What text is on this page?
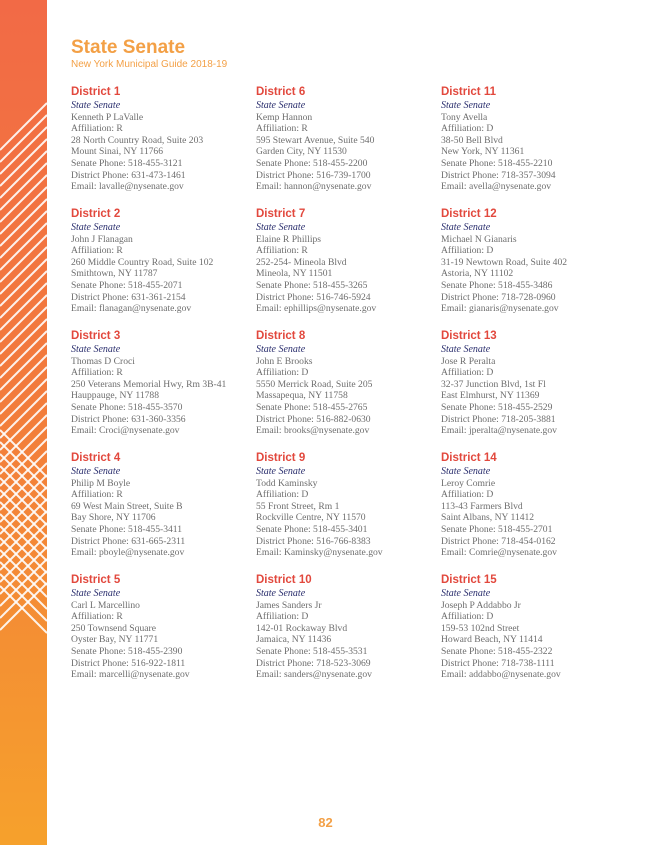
State Senate
New York Municipal Guide 2018-19
District 1
State Senate
Kenneth P LaValle
Affiliation: R
28 North Country Road, Suite 203
Mount Sinai, NY 11766
Senate Phone: 518-455-3121
District Phone: 631-473-1461
Email: lavalle@nysenate.gov
District 6
State Senate
Kemp Hannon
Affiliation: R
595 Stewart Avenue, Suite 540
Garden City, NY 11530
Senate Phone: 518-455-2200
District Phone: 516-739-1700
Email: hannon@nysenate.gov
District 11
State Senate
Tony Avella
Affiliation: D
38-50 Bell Blvd
New York, NY 11361
Senate Phone: 518-455-2210
District Phone: 718-357-3094
Email: avella@nysenate.gov
District 2
State Senate
John J Flanagan
Affiliation: R
260 Middle Country Road, Suite 102
Smithtown, NY 11787
Senate Phone: 518-455-2071
District Phone: 631-361-2154
Email: flanagan@nysenate.gov
District 7
State Senate
Elaine R Phillips
Affiliation: R
252-254- Mineola Blvd
Mineola, NY 11501
Senate Phone: 518-455-3265
District Phone: 516-746-5924
Email: ephillips@nysenate.gov
District 12
State Senate
Michael N Gianaris
Affiliation: D
31-19 Newtown Road, Suite 402
Astoria, NY 11102
Senate Phone: 518-455-3486
District Phone: 718-728-0960
Email: gianaris@nysenate.gov
District 3
State Senate
Thomas D Croci
Affiliation: R
250 Veterans Memorial Hwy, Rm 3B-41
Hauppauge, NY 11788
Senate Phone: 518-455-3570
District Phone: 631-360-3356
Email: Croci@nysenate.gov
District 8
State Senate
John E Brooks
Affiliation: D
5550 Merrick Road, Suite 205
Massapequa, NY 11758
Senate Phone: 518-455-2765
District Phone: 516-882-0630
Email: brooks@nysenate.gov
District 13
State Senate
Jose R Peralta
Affiliation: D
32-37 Junction Blvd, 1st Fl
East Elmhurst, NY 11369
Senate Phone: 518-455-2529
District Phone: 718-205-3881
Email: jperalta@nysenate.gov
District 4
State Senate
Philip M Boyle
Affiliation: R
69 West Main Street, Suite B
Bay Shore, NY 11706
Senate Phone: 518-455-3411
District Phone: 631-665-2311
Email: pboyle@nysenate.gov
District 9
State Senate
Todd Kaminsky
Affiliation: D
55 Front Street, Rm 1
Rockville Centre, NY 11570
Senate Phone: 518-455-3401
District Phone: 516-766-8383
Email: Kaminsky@nysenate.gov
District 14
State Senate
Leroy Comrie
Affiliation: D
113-43 Farmers Blvd
Saint Albans, NY 11412
Senate Phone: 518-455-2701
District Phone: 718-454-0162
Email: Comrie@nysenate.gov
District 5
State Senate
Carl L Marcellino
Affiliation: R
250 Townsend Square
Oyster Bay, NY 11771
Senate Phone: 518-455-2390
District Phone: 516-922-1811
Email: marcelli@nysenate.gov
District 10
State Senate
James Sanders Jr
Affiliation: D
142-01 Rockaway Blvd
Jamaica, NY 11436
Senate Phone: 518-455-3531
District Phone: 718-523-3069
Email: sanders@nysenate.gov
District 15
State Senate
Joseph P Addabbo Jr
Affiliation: D
159-53 102nd Street
Howard Beach, NY 11414
Senate Phone: 518-455-2322
District Phone: 718-738-1111
Email: addabbo@nysenate.gov
82
